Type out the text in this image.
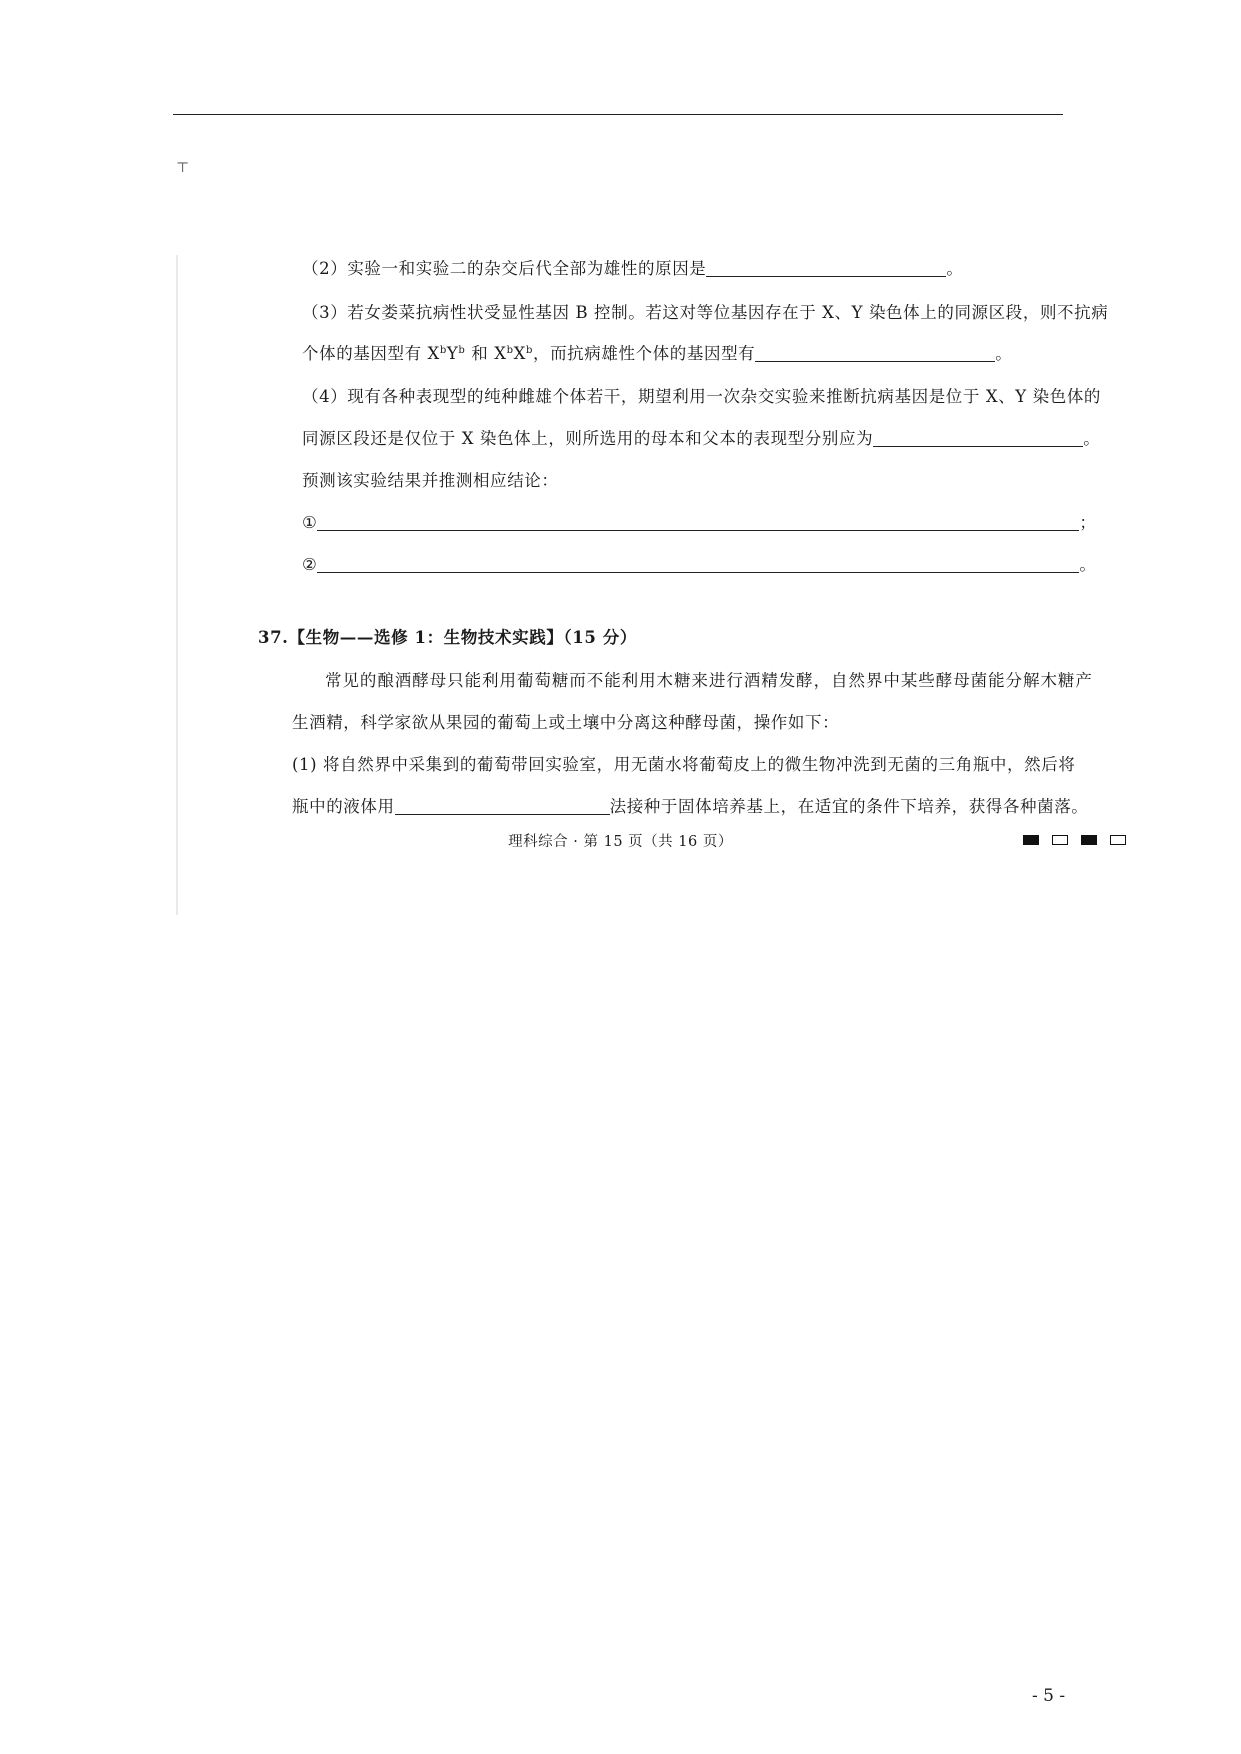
⊤
（2）实验一和实验二的杂交后代全部为雄性的原因是	。
（3）若女娄菜抗病性状受显性基因 B 控制。若这对等位基因存在于 X、Y 染色体上的同源区段，则不抗病
个体的基因型有 $X^bY^b$ 和 $X^bX^b$，而抗病雄性个体的基因型有	。
（4）现有各种表现型的纯种雌雄个体若干，期望利用一次杂交实验来推断抗病基因是位于 X、Y 染色体的
同源区段还是仅位于 X 染色体上，则所选用的母本和父本的表现型分别应为	。
预测该实验结果并推测相应结论：
①	；
②	。
37.【生物——选修 1：生物技术实践】（15 分）
常见的酿酒酵母只能利用葡萄糖而不能利用木糖来进行酒精发酵，自然界中某些酵母菌能分解木糖产
生酒精，科学家欲从果园的葡萄上或土壤中分离这种酵母菌，操作如下：
(1) 将自然界中采集到的葡萄带回实验室，用无菌水将葡萄皮上的微生物冲洗到无菌的三角瓶中，然后将
瓶中的液体用	法接种于固体培养基上，在适宜的条件下培养，获得各种菌落。
理科综合 · 第 15 页（共 16 页）
- 5 -
